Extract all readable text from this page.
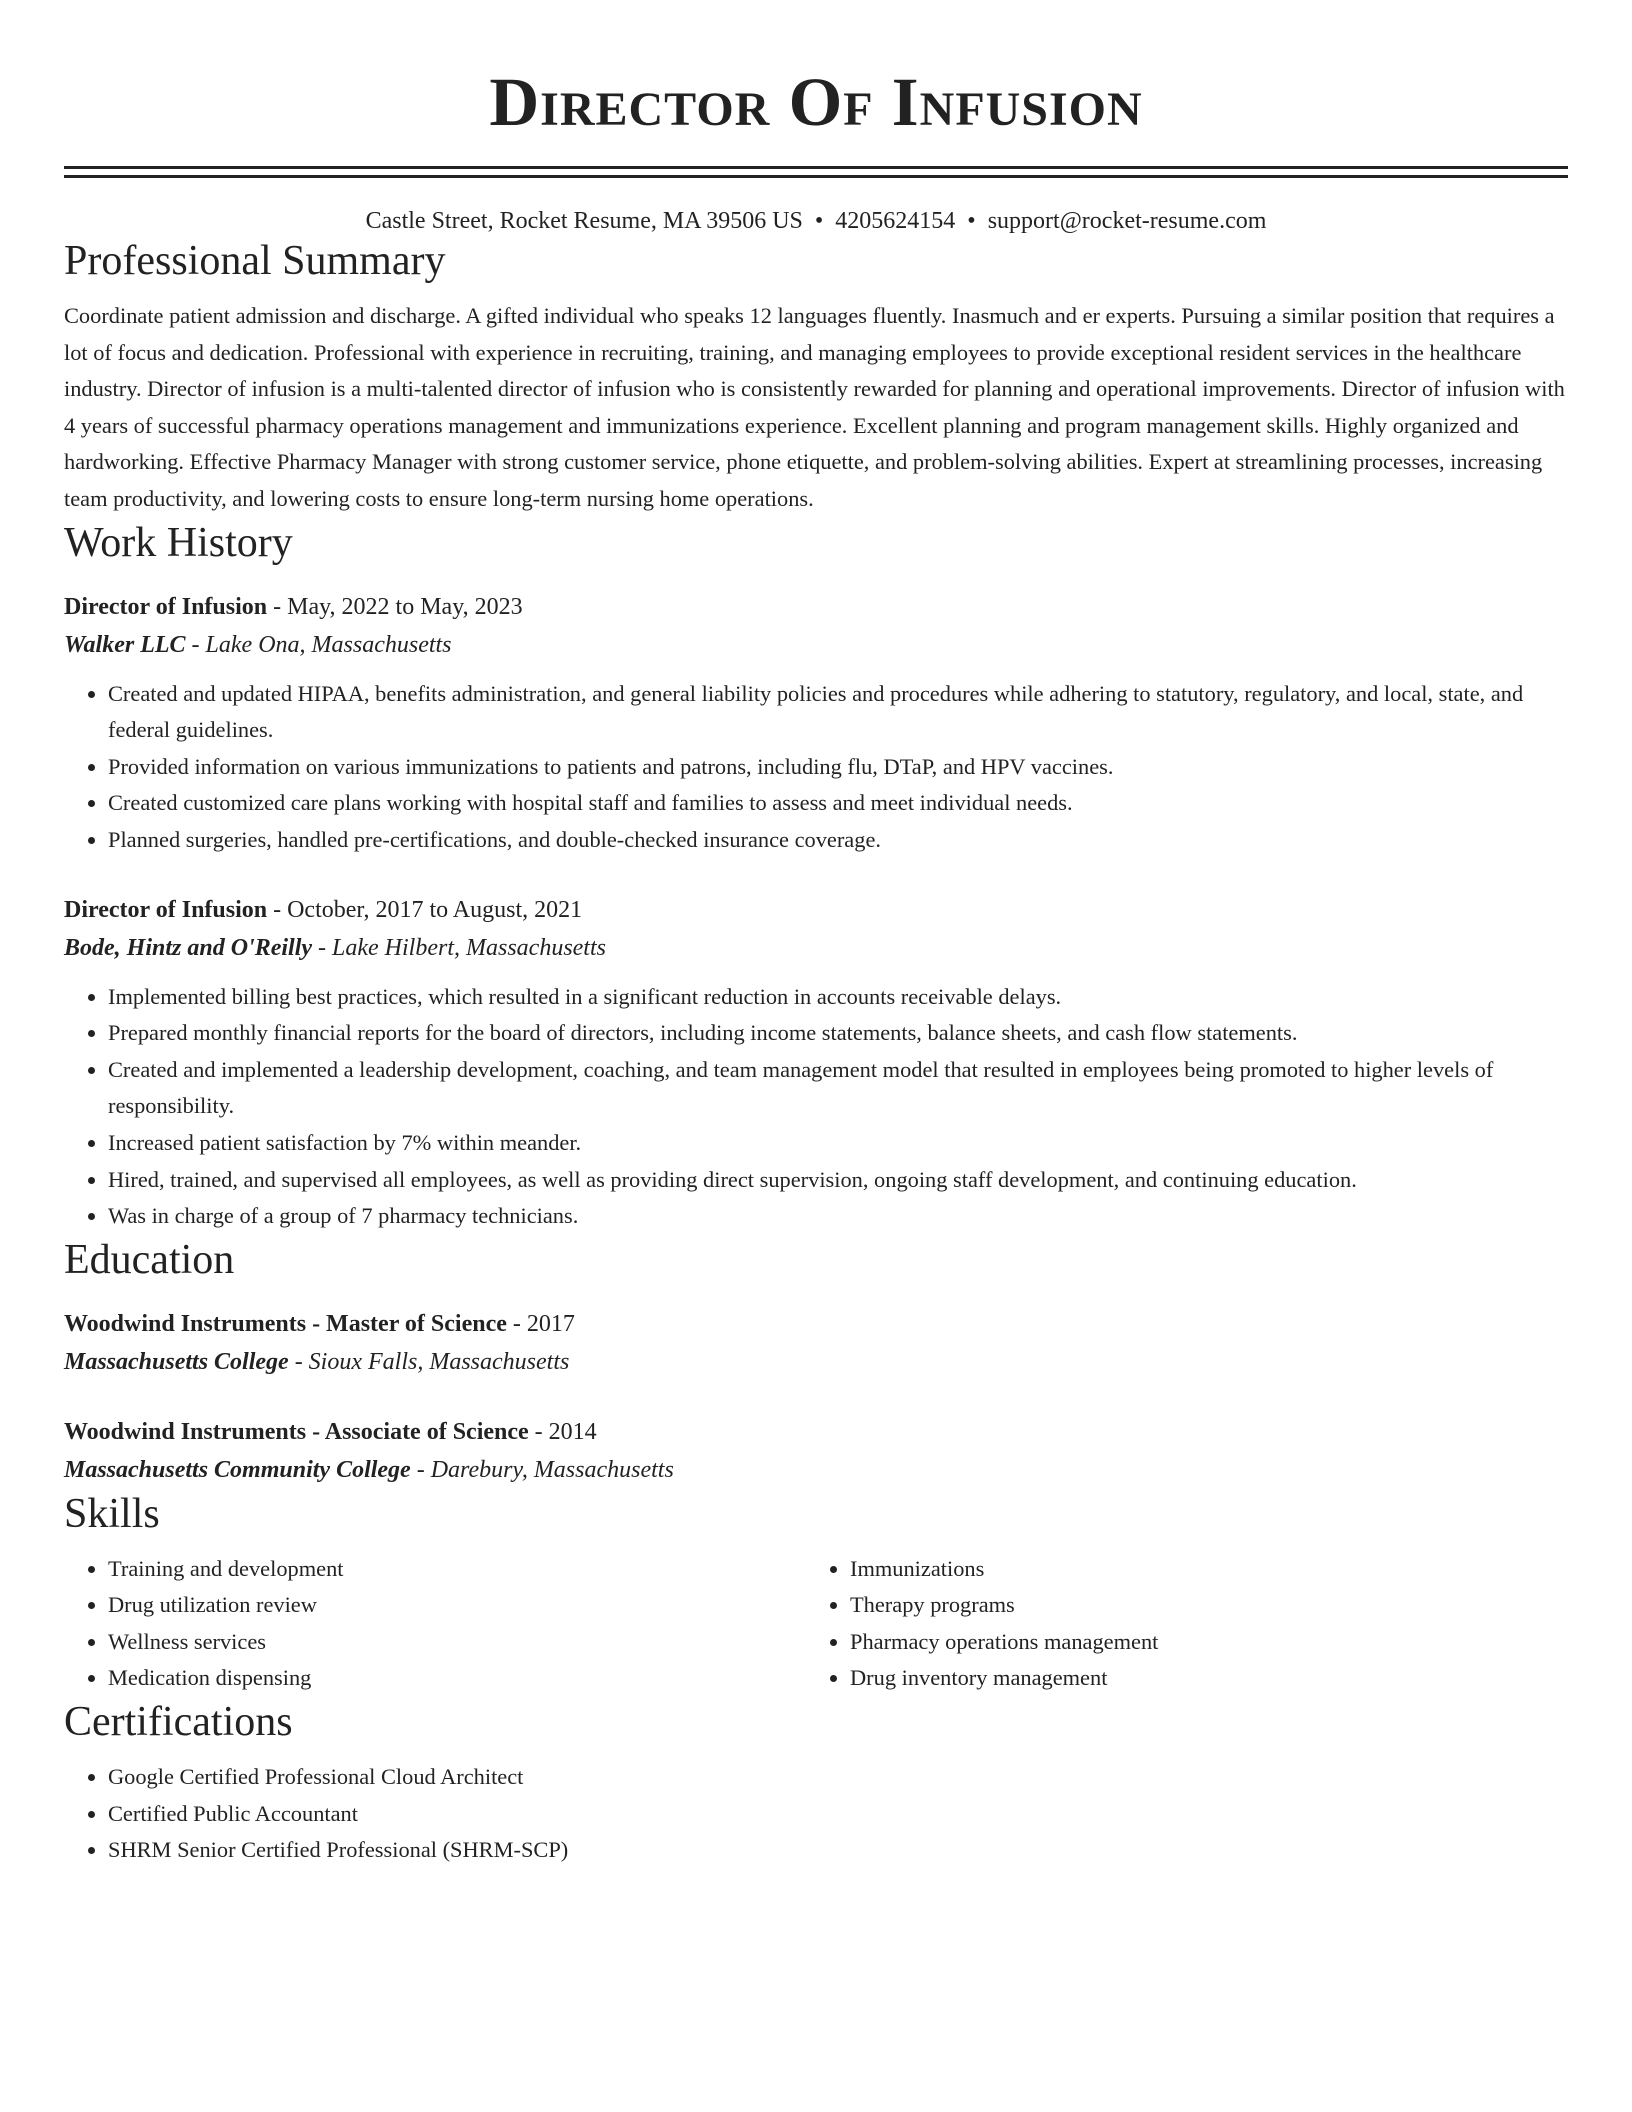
Director Of Infusion
Castle Street, Rocket Resume, MA 39506 US • 4205624154 • support@rocket-resume.com
Professional Summary
Coordinate patient admission and discharge. A gifted individual who speaks 12 languages fluently. Inasmuch and er experts. Pursuing a similar position that requires a lot of focus and dedication. Professional with experience in recruiting, training, and managing employees to provide exceptional resident services in the healthcare industry. Director of infusion is a multi-talented director of infusion who is consistently rewarded for planning and operational improvements. Director of infusion with 4 years of successful pharmacy operations management and immunizations experience. Excellent planning and program management skills. Highly organized and hardworking. Effective Pharmacy Manager with strong customer service, phone etiquette, and problem-solving abilities. Expert at streamlining processes, increasing team productivity, and lowering costs to ensure long-term nursing home operations.
Work History
Director of Infusion - May, 2022 to May, 2023
Walker LLC - Lake Ona, Massachusetts
• Created and updated HIPAA, benefits administration, and general liability policies and procedures while adhering to statutory, regulatory, and local, state, and federal guidelines.
• Provided information on various immunizations to patients and patrons, including flu, DTaP, and HPV vaccines.
• Created customized care plans working with hospital staff and families to assess and meet individual needs.
• Planned surgeries, handled pre-certifications, and double-checked insurance coverage.
Director of Infusion - October, 2017 to August, 2021
Bode, Hintz and O'Reilly - Lake Hilbert, Massachusetts
• Implemented billing best practices, which resulted in a significant reduction in accounts receivable delays.
• Prepared monthly financial reports for the board of directors, including income statements, balance sheets, and cash flow statements.
• Created and implemented a leadership development, coaching, and team management model that resulted in employees being promoted to higher levels of responsibility.
• Increased patient satisfaction by 7% within meander.
• Hired, trained, and supervised all employees, as well as providing direct supervision, ongoing staff development, and continuing education.
• Was in charge of a group of 7 pharmacy technicians.
Education
Woodwind Instruments - Master of Science - 2017
Massachusetts College - Sioux Falls, Massachusetts
Woodwind Instruments - Associate of Science - 2014
Massachusetts Community College - Darebury, Massachusetts
Skills
• Training and development
• Drug utilization review
• Wellness services
• Medication dispensing
• Immunizations
• Therapy programs
• Pharmacy operations management
• Drug inventory management
Certifications
• Google Certified Professional Cloud Architect
• Certified Public Accountant
• SHRM Senior Certified Professional (SHRM-SCP)
